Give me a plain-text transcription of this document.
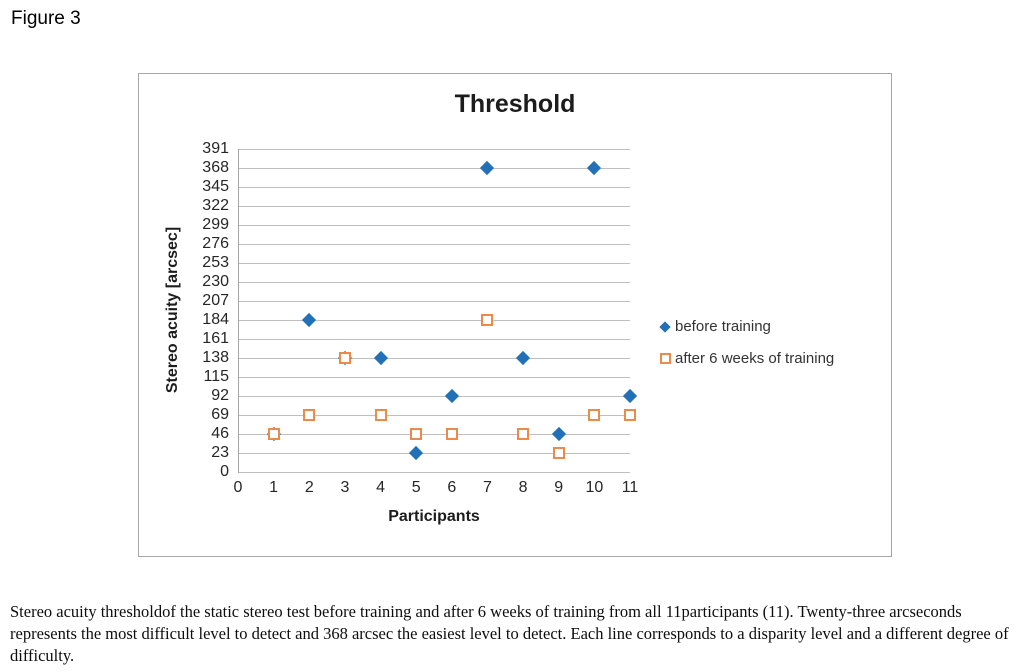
Figure 3
Threshold
Stereo acuity [arcsec]
Participants
before training
after 6 weeks of training
0
23
46
69
92
115
138
161
184
207
230
253
276
299
322
345
368
391
0	1	2	3	4	5	6	7	8	9	10	11

Stereo acuity thresholdof the static stereo test before training and after 6 weeks of training from all 11participants (11). Twenty-three arcseconds represents the most difficult level to detect and 368 arcsec the easiest level to detect. Each line corresponds to a disparity level and a different degree of difficulty.
